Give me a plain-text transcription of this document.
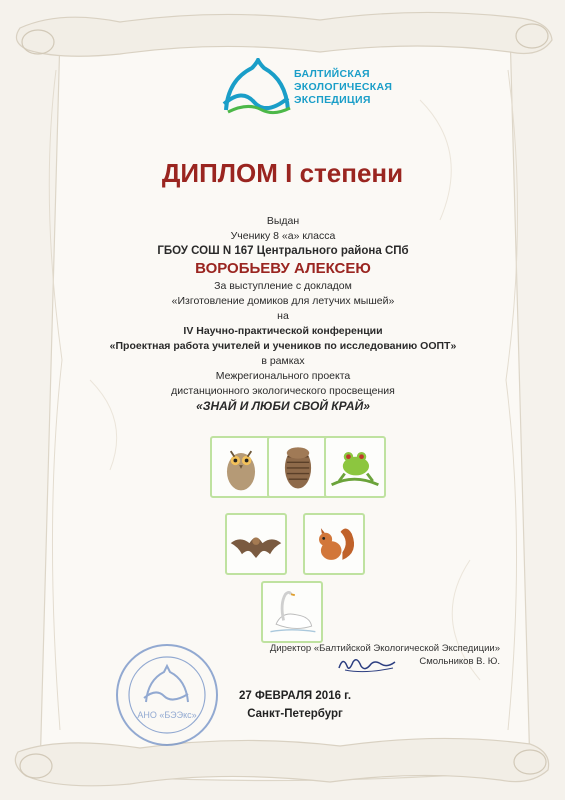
БАЛТИЙСКАЯ
ЭКОЛОГИЧЕСКАЯ
ЭКСПЕДИЦИЯ
ДИПЛОМ I степени
Выдан
Ученику 8 «а» класса
ГБОУ СОШ N 167 Центрального района СПб
ВОРОБЬЕВУ АЛЕКСЕЮ
За выступление с докладом
«Изготовление домиков для летучих мышей»
на
IV Научно-практической конференции
«Проектная работа учителей и учеников по исследованию ООПТ»
в рамках
Межрегионального проекта
дистанционного экологического просвещения
«ЗНАЙ И ЛЮБИ СВОЙ КРАЙ»
АНО «БЭЭкс»
Директор «Балтийской Экологической Экспедиции»
Смольников В. Ю.
27 ФЕВРАЛЯ 2016 г.
Санкт-Петербург
